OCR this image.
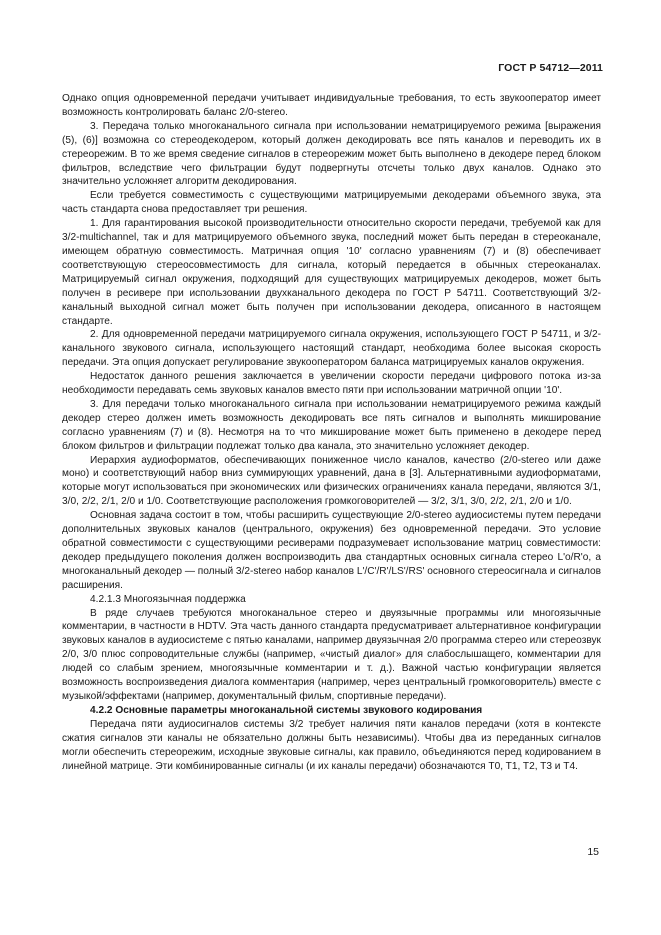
ГОСТ Р 54712—2011

Однако опция одновременной передачи учитывает индивидуальные требования, то есть звукооператор имеет возможность контролировать баланс 2/0-stereo.

3. Передача только многоканального сигнала при использовании нематрицируемого режима [выражения (5), (6)] возможна со стереодекодером, который должен декодировать все пять каналов и переводить их в стереорежим. В то же время сведение сигналов в стереорежим может быть выполнено в декодере перед блоком фильтров, вследствие чего фильтрации будут подвергнуты отсчеты только двух каналов. Однако это значительно усложняет алгоритм декодирования.

Если требуется совместимость с существующими матрицируемыми декодерами объемного звука, эта часть стандарта снова предоставляет три решения.

1. Для гарантирования высокой производительности относительно скорости передачи, требуемой как для 3/2-multichannel, так и для матрицируемого объемного звука, последний может быть передан в стереоканале, имеющем обратную совместимость. Матричная опция '10' согласно уравнениям (7) и (8) обеспечивает соответствующую стереосовместимость для сигнала, который передается в обычных стереоканалах. Матрицируемый сигнал окружения, подходящий для существующих матрицируемых декодеров, может быть получен в ресивере при использовании двухканального декодера по ГОСТ Р 54711. Соответствующий 3/2-канальный выходной сигнал может быть получен при использовании декодера, описанного в настоящем стандарте.

2. Для одновременной передачи матрицируемого сигнала окружения, использующего ГОСТ Р 54711, и 3/2-канального звукового сигнала, использующего настоящий стандарт, необходима более высокая скорость передачи. Эта опция допускает регулирование звукооператором баланса матрицируемых каналов окружения.

Недостаток данного решения заключается в увеличении скорости передачи цифрового потока из-за необходимости передавать семь звуковых каналов вместо пяти при использовании матричной опции '10'.

3. Для передачи только многоканального сигнала при использовании нематрицируемого режима каждый декодер стерео должен иметь возможность декодировать все пять сигналов и выполнять микширование согласно уравнениям (7) и (8). Несмотря на то что микширование может быть применено в декодере перед блоком фильтров и фильтрации подлежат только два канала, это значительно усложняет декодер.

Иерархия аудиоформатов, обеспечивающих пониженное число каналов, качество (2/0-stereo или даже моно) и соответствующий набор вниз суммирующих уравнений, дана в [3]. Альтернативными аудиоформатами, которые могут использоваться при экономических или физических ограничениях канала передачи, являются 3/1, 3/0, 2/2, 2/1, 2/0 и 1/0. Соответствующие расположения громкоговорителей — 3/2, 3/1, 3/0, 2/2, 2/1, 2/0 и 1/0.

Основная задача состоит в том, чтобы расширить существующие 2/0-stereo аудиосистемы путем передачи дополнительных звуковых каналов (центрального, окружения) без одновременной передачи. Это условие обратной совместимости с существующими ресиверами подразумевает использование матриц совместимости: декодер предыдущего поколения должен воспроизводить два стандартных основных сигнала стерео L'o/R'o, а многоканальный декодер — полный 3/2-stereo набор каналов L'/C'/R'/LS'/RS' основного стереосигнала и сигналов расширения.

4.2.1.3 Многоязычная поддержка

В ряде случаев требуются многоканальное стерео и двуязычные программы или многоязычные комментарии, в частности в HDTV. Эта часть данного стандарта предусматривает альтернативное конфигурации звуковых каналов в аудиосистеме с пятью каналами, например двуязычная 2/0 программа стерео или стереозвук 2/0, 3/0 плюс сопроводительные службы (например, «чистый диалог» для слабослышащего, комментарии для людей со слабым зрением, многоязычные комментарии и т. д.). Важной частью конфигурации является возможность воспроизведения диалога комментария (например, через центральный громкоговоритель) вместе с музыкой/эффектами (например, документальный фильм, спортивные передачи).

4.2.2 Основные параметры многоканальной системы звукового кодирования

Передача пяти аудиосигналов системы 3/2 требует наличия пяти каналов передачи (хотя в контексте сжатия сигналов эти каналы не обязательно должны быть независимы). Чтобы два из переданных сигналов могли обеспечить стереорежим, исходные звуковые сигналы, как правило, объединяются перед кодированием в линейной матрице. Эти комбинированные сигналы (и их каналы передачи) обозначаются T0, T1, T2, T3 и T4.

15
